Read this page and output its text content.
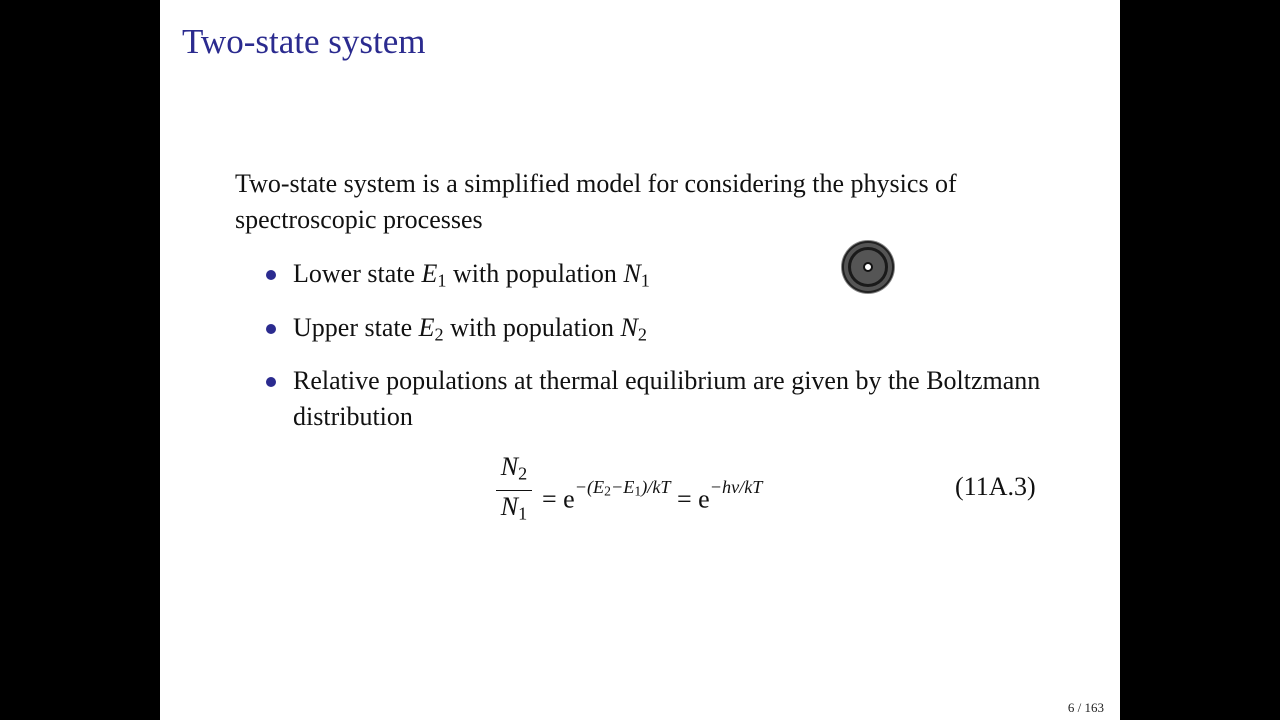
Two-state system
Two-state system is a simplified model for considering the physics of spectroscopic processes
Lower state $E_1$ with population $N_1$
Upper state $E_2$ with population $N_2$
Relative populations at thermal equilibrium are given by the Boltzmann distribution
$N_2$
$N_1$
= $e^{-(E_2-E_1)/kT} = e^{-h\nu/kT}$	(11A.3)
6 / 163
